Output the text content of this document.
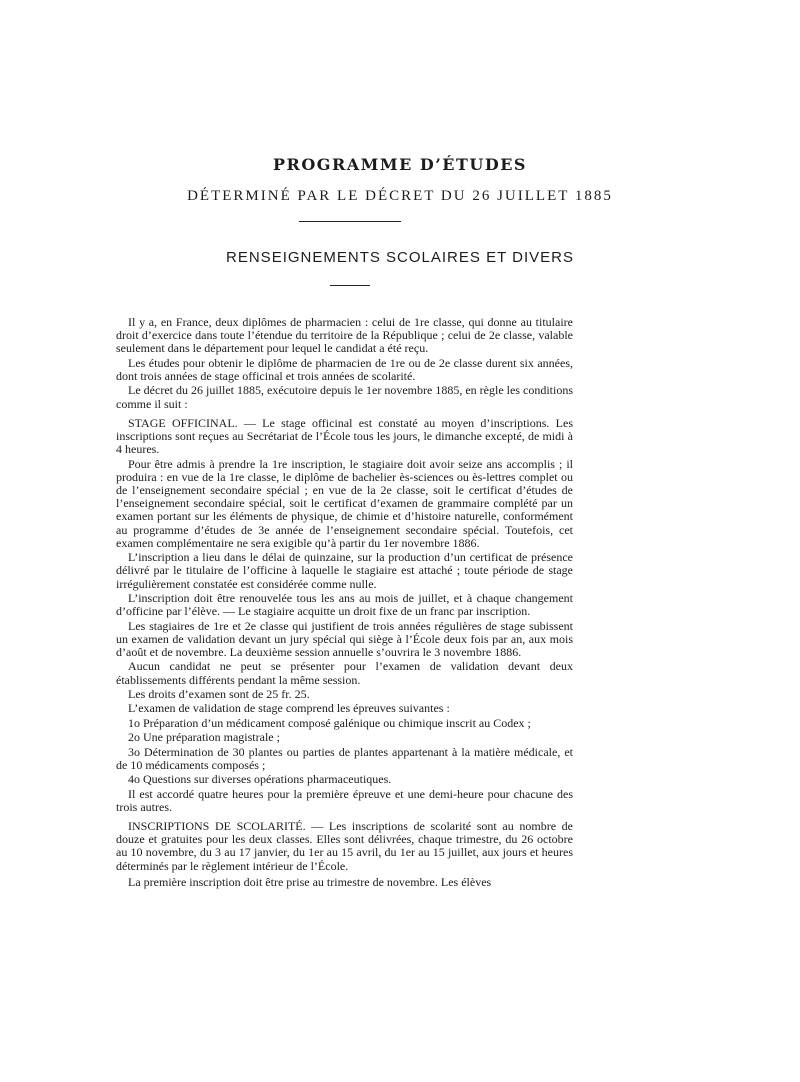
PROGRAMME D’ÉTUDES
DÉTERMINÉ PAR LE DÉCRET DU 26 JUILLET 1885
RENSEIGNEMENTS SCOLAIRES ET DIVERS

Il y a, en France, deux diplômes de pharmacien : celui de 1re classe, qui donne au titulaire droit d’exercice dans toute l’étendue du territoire de la République ; celui de 2e classe, valable seulement dans le département pour lequel le candidat a été reçu.

Les études pour obtenir le diplôme de pharmacien de 1re ou de 2e classe durent six années, dont trois années de stage officinal et trois années de scolarité.

Le décret du 26 juillet 1885, exécutoire depuis le 1er novembre 1885, en règle les conditions comme il suit :

STAGE OFFICINAL. — Le stage officinal est constaté au moyen d’inscriptions. Les inscriptions sont reçues au Secrétariat de l’École tous les jours, le dimanche excepté, de midi à 4 heures.

Pour être admis à prendre la 1re inscription, le stagiaire doit avoir seize ans accomplis ; il produira : en vue de la 1re classe, le diplôme de bachelier ès-sciences ou ès-lettres complet ou de l’enseignement secondaire spécial ; en vue de la 2e classe, soit le certificat d’études de l’enseignement secondaire spécial, soit le certificat d’examen de grammaire complété par un examen portant sur les éléments de physique, de chimie et d’histoire naturelle, conformément au programme d’études de 3e année de l’enseignement secondaire spécial. Toutefois, cet examen complémentaire ne sera exigible qu’à partir du 1er novembre 1886.

L’inscription a lieu dans le délai de quinzaine, sur la production d’un certificat de présence délivré par le titulaire de l’officine à laquelle le stagiaire est attaché ; toute période de stage irrégulièrement constatée est considérée comme nulle.

L’inscription doit être renouvelée tous les ans au mois de juillet, et à chaque changement d’officine par l’élève. — Le stagiaire acquitte un droit fixe de un franc par inscription.

Les stagiaires de 1re et 2e classe qui justifient de trois années régulières de stage subissent un examen de validation devant un jury spécial qui siège à l’École deux fois par an, aux mois d’août et de novembre. La deuxième session annuelle s’ouvrira le 3 novembre 1886.

Aucun candidat ne peut se présenter pour l’examen de validation devant deux établissements différents pendant la même session.

Les droits d’examen sont de 25 fr. 25.

L’examen de validation de stage comprend les épreuves suivantes :

1o Préparation d’un médicament composé galénique ou chimique inscrit au Codex ;

2o Une préparation magistrale ;

3o Détermination de 30 plantes ou parties de plantes appartenant à la matière médicale, et de 10 médicaments composés ;

4o Questions sur diverses opérations pharmaceutiques.

Il est accordé quatre heures pour la première épreuve et une demi-heure pour chacune des trois autres.

INSCRIPTIONS DE SCOLARITÉ. — Les inscriptions de scolarité sont au nombre de douze et gratuites pour les deux classes. Elles sont délivrées, chaque trimestre, du 26 octobre au 10 novembre, du 3 au 17 janvier, du 1er au 15 avril, du 1er au 15 juillet, aux jours et heures déterminés par le règlement intérieur de l’École.

La première inscription doit être prise au trimestre de novembre. Les élèves
